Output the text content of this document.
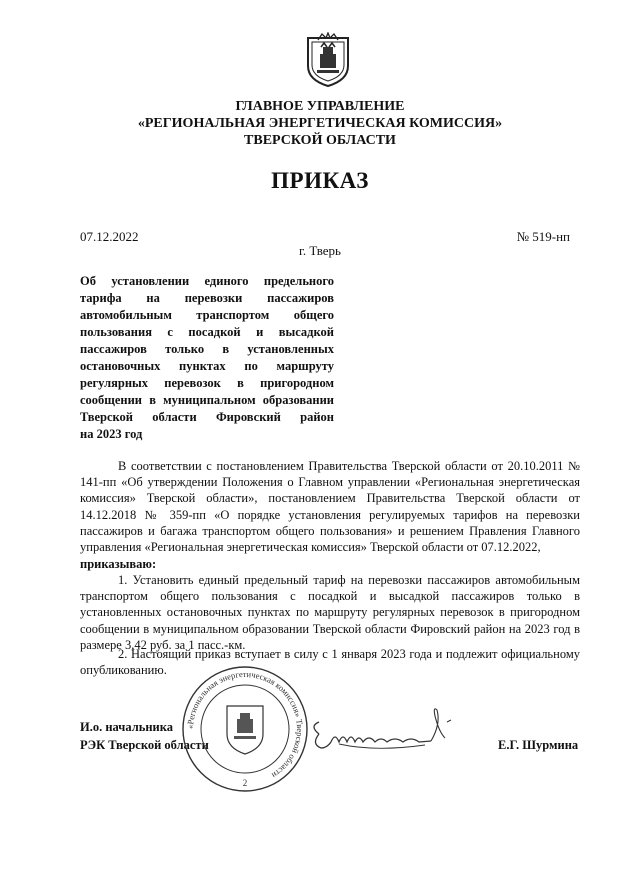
ГЛАВНОЕ УПРАВЛЕНИЕ
«РЕГИОНАЛЬНАЯ ЭНЕРГЕТИЧЕСКАЯ КОМИССИЯ»
ТВЕРСКОЙ ОБЛАСТИ
ПРИКАЗ
07.12.2022	№ 519-нп
г. Тверь
Об установлении единого предельного
тарифа на перевозки пассажиров
автомобильным транспортом общего
пользования с посадкой и высадкой
пассажиров только в установленных
остановочных пунктах по маршруту
регулярных перевозок в пригородном
сообщении в муниципальном образовании
Тверской области Фировский район
на 2023 год
В соответствии с постановлением Правительства Тверской области от 20.10.2011 № 141-пп «Об утверждении Положения о Главном управлении «Региональная энергетическая комиссия» Тверской области», постановлением Правительства Тверской области от 14.12.2018 № 359-пп «О порядке установления регулируемых тарифов на перевозки пассажиров и багажа транспортом общего пользования» и решением Правления Главного управления «Региональная энергетическая комиссия» Тверской области от 07.12.2022,
приказываю:
1. Установить единый предельный тариф на перевозки пассажиров автомобильным транспортом общего пользования с посадкой и высадкой пассажиров только в установленных остановочных пунктах по маршруту регулярных перевозок в пригородном сообщении в муниципальном образовании Тверской области Фировский район на 2023 год в размере 3,42 руб. за 1 пасс.-км.
2. Настоящий приказ вступает в силу с 1 января 2023 года и подлежит официальному опубликованию.
И.о. начальника
РЭК Тверской области	Е.Г. Шурмина
«Региональная энергетическая комиссия» Тверской области
2
